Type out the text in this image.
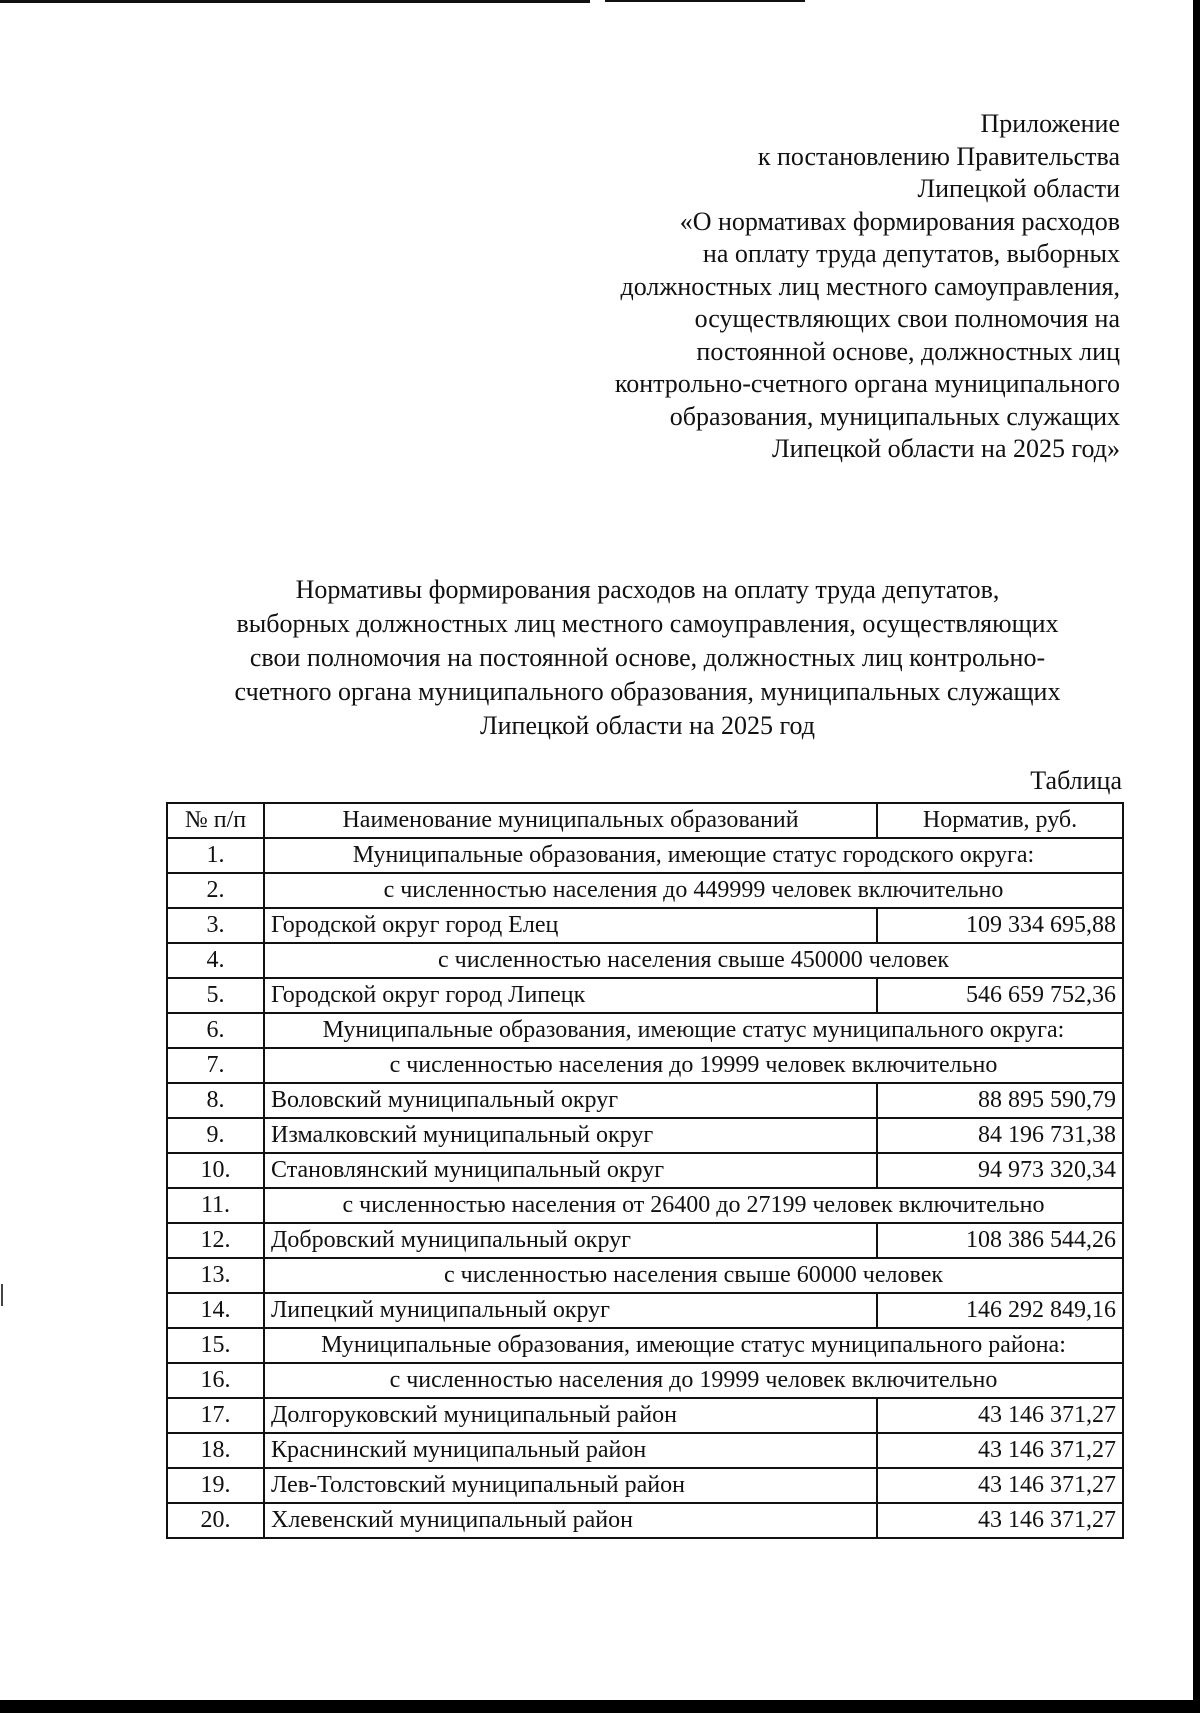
Приложение
к постановлению Правительства
Липецкой области
«О нормативах формирования расходов
на оплату труда депутатов, выборных
должностных лиц местного самоуправления,
осуществляющих свои полномочия на
постоянной основе, должностных лиц
контрольно-счетного органа муниципального
образования, муниципальных служащих
Липецкой области на 2025 год»
Нормативы формирования расходов на оплату труда депутатов,
выборных должностных лиц местного самоуправления, осуществляющих
свои полномочия на постоянной основе, должностных лиц контрольно-
счетного органа муниципального образования, муниципальных служащих
Липецкой области на 2025 год
Таблица
№ п/п	Наименование муниципальных образований	Норматив, руб.
1.	Муниципальные образования, имеющие статус городского округа:	
2.	с численностью населения до 449999 человек включительно	
3.	Городской округ город Елец	109 334 695,88
4.	с численностью населения свыше 450000 человек	
5.	Городской округ город Липецк	546 659 752,36
6.	Муниципальные образования, имеющие статус муниципального округа:	
7.	с численностью населения до 19999 человек включительно	
8.	Воловский муниципальный округ	88 895 590,79
9.	Измалковский муниципальный округ	84 196 731,38
10.	Становлянский муниципальный округ	94 973 320,34
11.	с численностью населения от 26400 до 27199 человек включительно	
12.	Добровский муниципальный округ	108 386 544,26
13.	с численностью населения свыше 60000 человек	
14.	Липецкий муниципальный округ	146 292 849,16
15.	Муниципальные образования, имеющие статус муниципального района:	
16.	с численностью населения до 19999 человек включительно	
17.	Долгоруковский муниципальный район	43 146 371,27
18.	Краснинский муниципальный район	43 146 371,27
19.	Лев-Толстовский муниципальный район	43 146 371,27
20.	Хлевенский муниципальный район	43 146 371,27
